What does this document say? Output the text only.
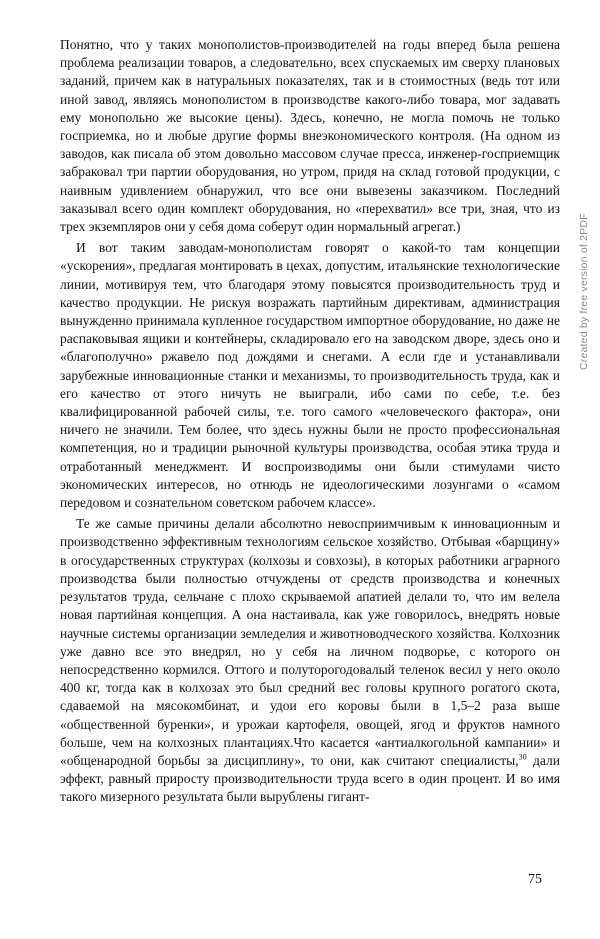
Понятно, что у таких монополистов-производителей на годы вперед была решена проблема реализации товаров, а следовательно, всех спускаемых им сверху плановых заданий, причем как в натуральных показателях, так и в стоимостных (ведь тот или иной завод, являясь монополистом в производстве какого-либо товара, мог задавать ему монопольно же высокие цены). Здесь, конечно, не могла помочь не только госприемка, но и любые другие формы внеэкономического контроля. (На одном из заводов, как писала об этом довольно массовом случае пресса, инженер-госприемщик забраковал три партии оборудования, но утром, придя на склад готовой продукции, с наивным удивлением обнаружил, что все они вывезены заказчиком. Последний заказывал всего один комплект оборудования, но «перехватил» все три, зная, что из трех экземпляров они у себя дома соберут один нормальный агрегат.)

И вот таким заводам-монополистам говорят о какой-то там концепции «ускорения», предлагая монтировать в цехах, допустим, итальянские технологические линии, мотивируя тем, что благодаря этому повысятся производительность труд и качество продукции. Не рискуя возражать партийным директивам, администрация вынужденно принимала купленное государством импортное оборудование, но даже не распаковывая ящики и контейнеры, складировало его на заводском дворе, здесь оно и «благополучно» ржавело под дождями и снегами. А если где и устанавливали зарубежные инновационные станки и механизмы, то производительность труда, как и его качество от этого ничуть не выиграли, ибо сами по себе, т.е. без квалифицированной рабочей силы, т.е. того самого «человеческого фактора», они ничего не значили. Тем более, что здесь нужны были не просто профессиональная компетенция, но и традиции рыночной культуры производства, особая этика труда и отработанный менеджмент. И воспроизводимы они были стимулами чисто экономических интересов, но отнюдь не идеологическими лозунгами о «самом передовом и сознательном советском рабочем классе».

Те же самые причины делали абсолютно невосприимчивым к инновационным и производственно эффективным технологиям сельское хозяйство. Отбывая «барщину» в огосударственных структурах (колхозы и совхозы), в которых работники аграрного производства были полностью отчуждены от средств производства и конечных результатов труда, сельчане с плохо скрываемой апатией делали то, что им велела новая партийная концепция. А она настаивала, как уже говорилось, внедрять новые научные системы организации земледелия и животноводческого хозяйства. Колхозник уже давно все это внедрял, но у себя на личном подворье, с которого он непосредственно кормился. Оттого и полуторогодовалый теленок весил у него около 400 кг, тогда как в колхозах это был средний вес головы крупного рогатого скота, сдаваемой на мясокомбинат, и удои его коровы были в 1,5–2 раза выше «общественной буренки», и урожаи картофеля, овощей, ягод и фруктов намного больше, чем на колхозных плантациях.Что касается «антиалкогольной кампании» и «общенародной борьбы за дисциплину», то они, как считают специалисты,$^{30}$ дали эффект, равный приросту производительности труда всего в один процент. И во имя такого мизерного результата были вырублены гигант-

Created by free version of 2PDF
75
